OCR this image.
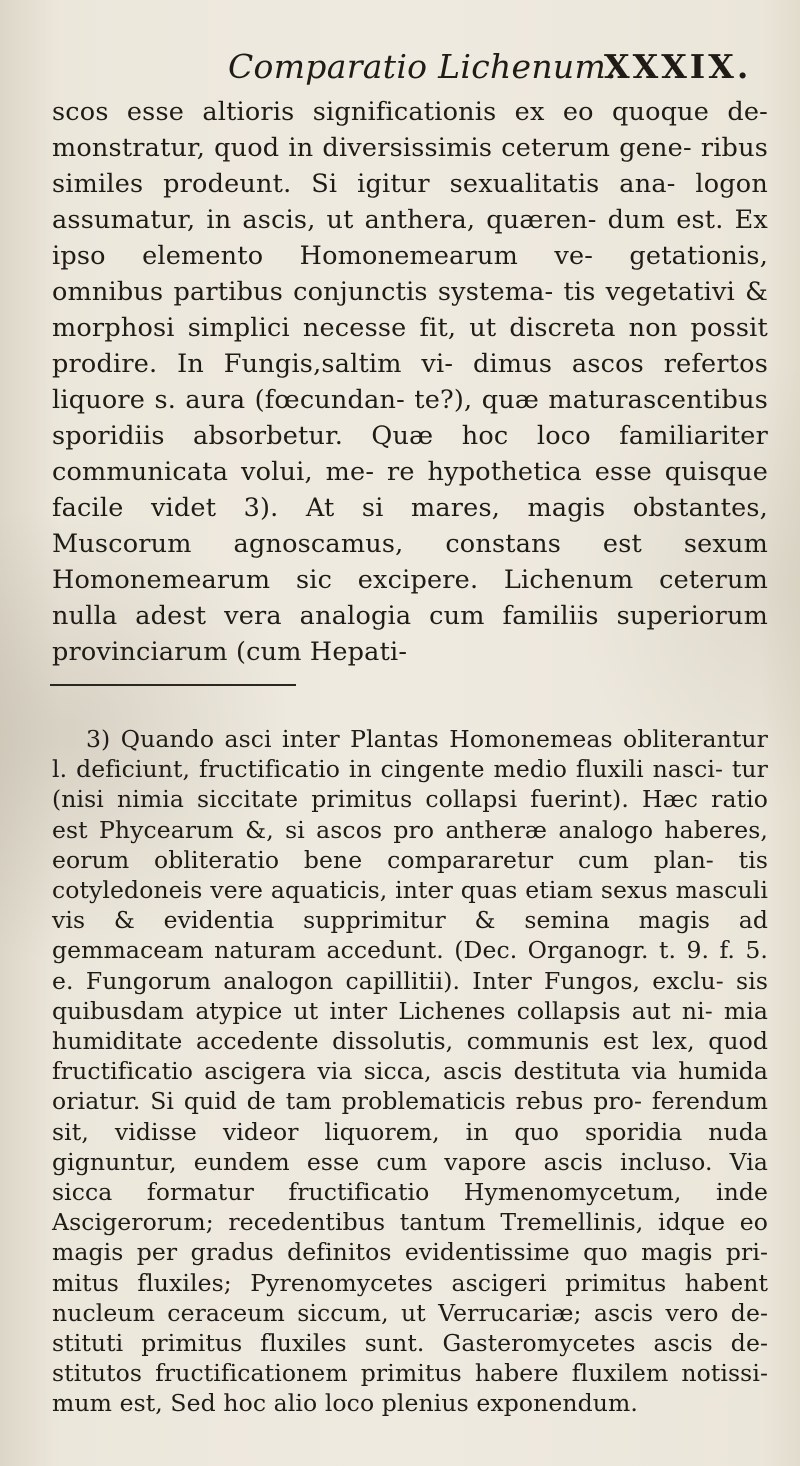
Comparatio Lichenum.
XXXIX.

scos esse altioris significationis ex eo quoque de- monstratur, quod in diversissimis ceterum gene- ribus similes prodeunt. Si igitur sexualitatis ana- logon assumatur, in ascis, ut anthera, quæren- dum est. Ex ipso elemento Homonemearum ve- getationis, omnibus partibus conjunctis systema- tis vegetativi & morphosi simplici necesse fit, ut discreta non possit prodire. In Fungis,saltim vi- dimus ascos refertos liquore s. aura (fœcundan- te?), quæ maturascentibus sporidiis absorbetur. Quæ hoc loco familiariter communicata volui, me- re hypothetica esse quisque facile videt 3). At si mares, magis obstantes, Muscorum agnoscamus, constans est sexum Homonemearum sic excipere. Lichenum ceterum nulla adest vera analogia cum familiis superiorum provinciarum (cum Hepati-

3) Quando asci inter Plantas Homonemeas obliterantur l. deficiunt, fructificatio in cingente medio fluxili nasci- tur (nisi nimia siccitate primitus collapsi fuerint). Hæc ratio est Phycearum &, si ascos pro antheræ analogo haberes, eorum obliteratio bene compararetur cum plan- tis cotyledoneis vere aquaticis, inter quas etiam sexus masculi vis & evidentia supprimitur & semina magis ad gemmaceam naturam accedunt. (Dec. Organogr. t. 9. f. 5. e. Fungorum analogon capillitii). Inter Fungos, exclu- sis quibusdam atypice ut inter Lichenes collapsis aut ni- mia humiditate accedente dissolutis, communis est lex, quod fructificatio ascigera via sicca, ascis destituta via humida oriatur. Si quid de tam problematicis rebus pro- ferendum sit, vidisse videor liquorem, in quo sporidia nuda gignuntur, eundem esse cum vapore ascis incluso. Via sicca formatur fructificatio Hymenomycetum, inde Ascigerorum; recedentibus tantum Tremellinis, idque eo magis per gradus definitos evidentissime quo magis pri- mitus fluxiles; Pyrenomycetes ascigeri primitus habent nucleum ceraceum siccum, ut Verrucariæ; ascis vero de- stituti primitus fluxiles sunt. Gasteromycetes ascis de- stitutos fructificationem primitus habere fluxilem notissi- mum est, Sed hoc alio loco plenius exponendum.
